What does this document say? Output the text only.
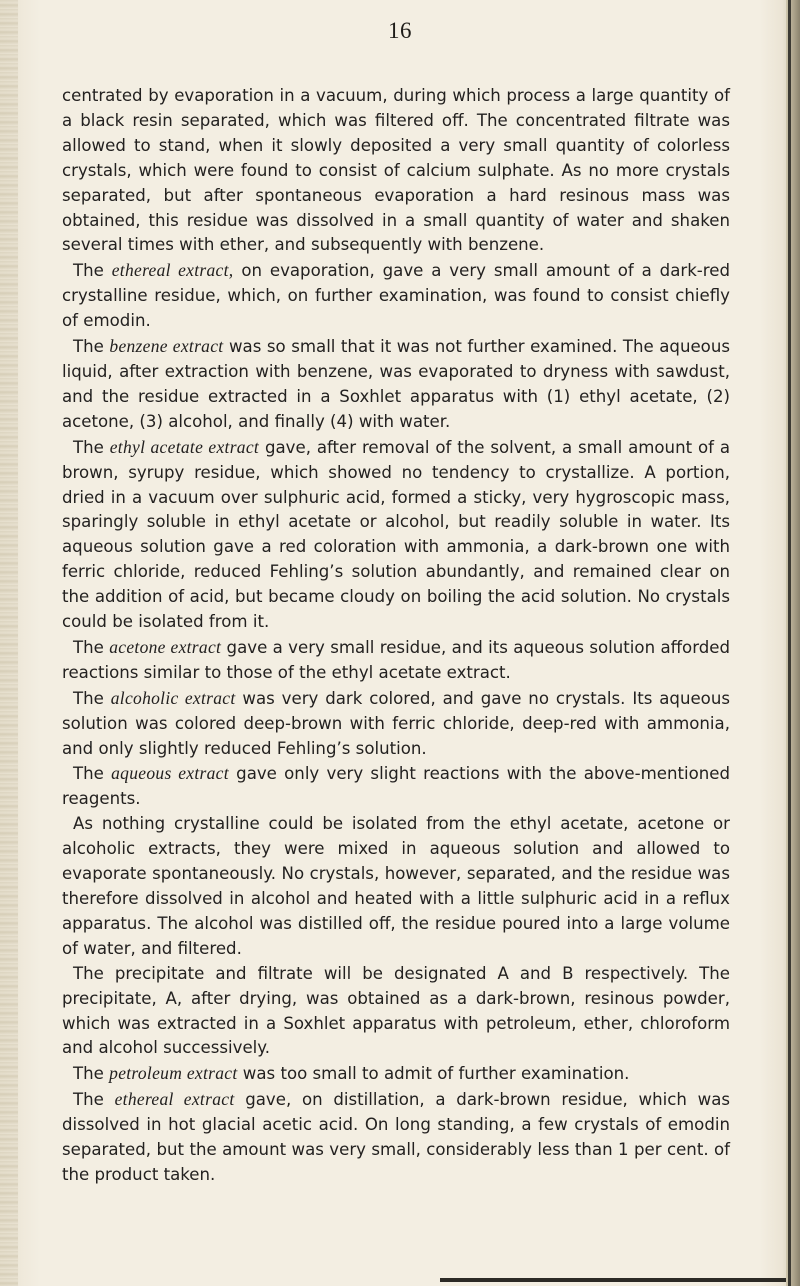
16

centrated by evaporation in a vacuum, during which process a large quantity of a black resin separated, which was filtered off. The concentrated filtrate was allowed to stand, when it slowly deposited a very small quantity of colorless crystals, which were found to consist of calcium sulphate. As no more crystals separated, but after spontaneous evaporation a hard resinous mass was obtained, this residue was dissolved in a small quantity of water and shaken several times with ether, and subsequently with benzene.

The ethereal extract, on evaporation, gave a very small amount of a dark-red crystalline residue, which, on further examination, was found to consist chiefly of emodin.

The benzene extract was so small that it was not further examined. The aqueous liquid, after extraction with benzene, was evaporated to dryness with sawdust, and the residue extracted in a Soxhlet apparatus with (1) ethyl acetate, (2) acetone, (3) alcohol, and finally (4) with water.

The ethyl acetate extract gave, after removal of the solvent, a small amount of a brown, syrupy residue, which showed no tendency to crystallize. A portion, dried in a vacuum over sulphuric acid, formed a sticky, very hygroscopic mass, sparingly soluble in ethyl acetate or alcohol, but readily soluble in water. Its aqueous solution gave a red coloration with ammonia, a dark-brown one with ferric chloride, reduced Fehling’s solution abundantly, and remained clear on the addition of acid, but became cloudy on boiling the acid solution. No crystals could be isolated from it.

The acetone extract gave a very small residue, and its aqueous solution afforded reactions similar to those of the ethyl acetate extract.

The alcoholic extract was very dark colored, and gave no crystals. Its aqueous solution was colored deep-brown with ferric chloride, deep-red with ammonia, and only slightly reduced Fehling’s solution.

The aqueous extract gave only very slight reactions with the above-mentioned reagents.

As nothing crystalline could be isolated from the ethyl acetate, acetone or alcoholic extracts, they were mixed in aqueous solution and allowed to evaporate spontaneously. No crystals, however, separated, and the residue was therefore dissolved in alcohol and heated with a little sulphuric acid in a reflux apparatus. The alcohol was distilled off, the residue poured into a large volume of water, and filtered.

The precipitate and filtrate will be designated A and B respectively. The precipitate, A, after drying, was obtained as a dark-brown, resinous powder, which was extracted in a Soxhlet apparatus with petroleum, ether, chloroform and alcohol successively.

The petroleum extract was too small to admit of further examination.

The ethereal extract gave, on distillation, a dark-brown residue, which was dissolved in hot glacial acetic acid. On long standing, a few crystals of emodin separated, but the amount was very small, considerably less than 1 per cent. of the product taken.
